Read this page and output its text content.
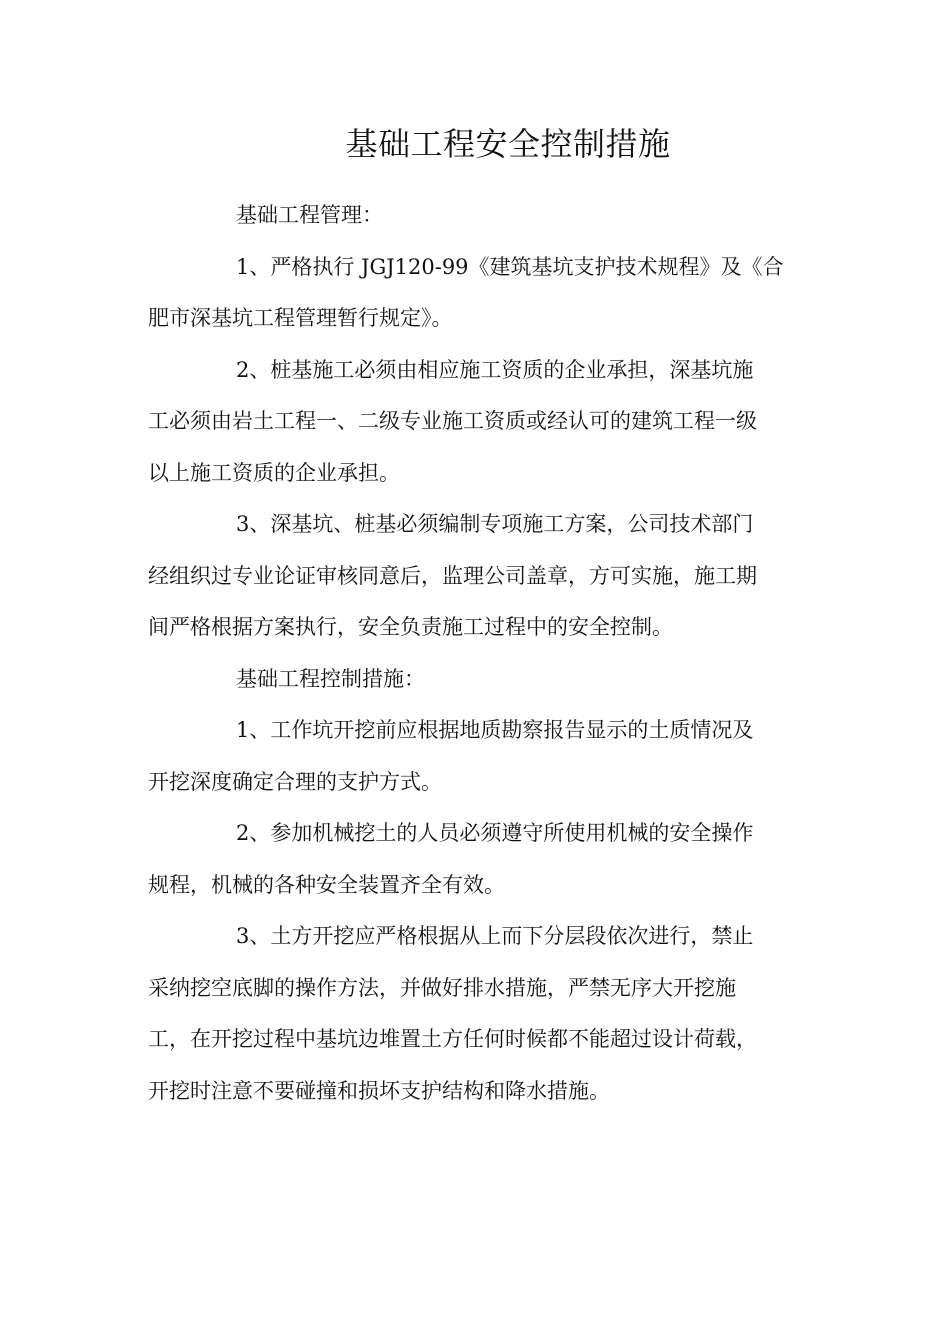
基础工程安全控制措施

基础工程管理：

1、严格执行 JGJ120-99《建筑基坑支护技术规程》及《合
肥市深基坑工程管理暂行规定》。

2、桩基施工必须由相应施工资质的企业承担，深基坑施
工必须由岩土工程一、二级专业施工资质或经认可的建筑工程一级
以上施工资质的企业承担。

3、深基坑、桩基必须编制专项施工方案，公司技术部门
经组织过专业论证审核同意后，监理公司盖章，方可实施，施工期
间严格根据方案执行，安全负责施工过程中的安全控制。

基础工程控制措施：

1、工作坑开挖前应根据地质勘察报告显示的土质情况及
开挖深度确定合理的支护方式。

2、参加机械挖土的人员必须遵守所使用机械的安全操作
规程，机械的各种安全装置齐全有效。

3、土方开挖应严格根据从上而下分层段依次进行，禁止
采纳挖空底脚的操作方法，并做好排水措施，严禁无序大开挖施
工，在开挖过程中基坑边堆置土方任何时候都不能超过设计荷载，
开挖时注意不要碰撞和损坏支护结构和降水措施。
